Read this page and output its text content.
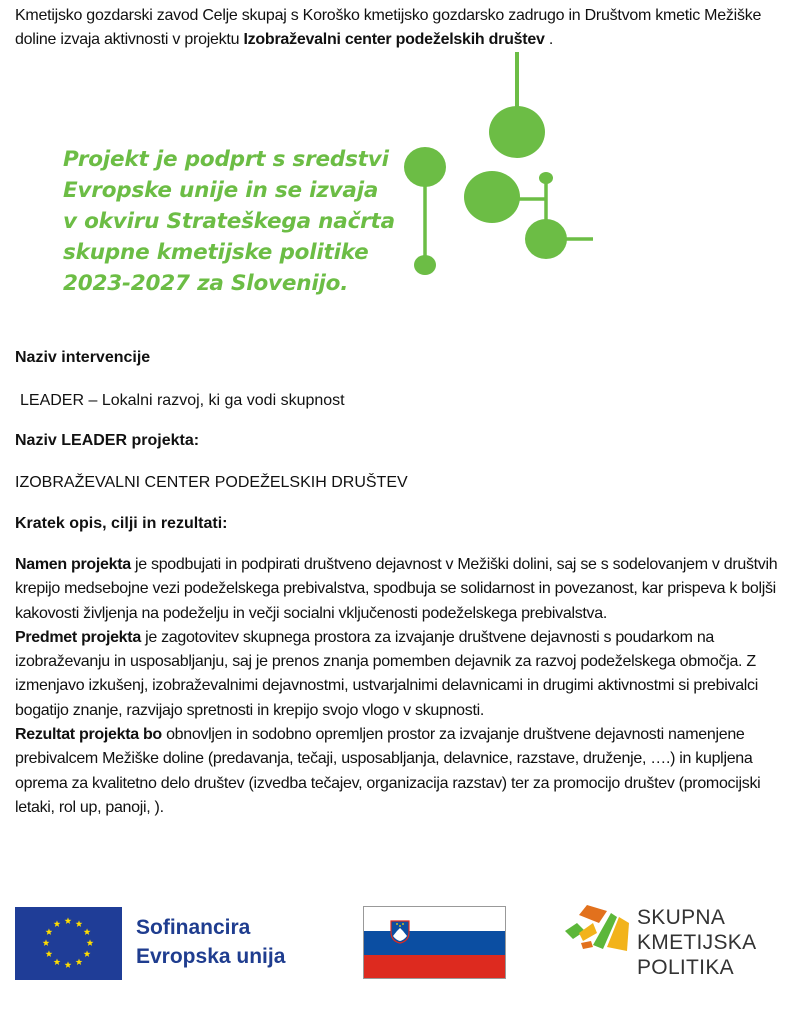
Kmetijsko gozdarski zavod Celje skupaj s Koroško kmetijsko gozdarsko zadrugo in Društvom kmetic Mežiške doline izvaja aktivnosti v projektu Izobraževalni center podeželskih društev .
Projekt je podprt s sredstvi
Evropske unije in se izvaja
v okviru Strateškega načrta
skupne kmetijske politike
2023-2027 za Slovenijo.
Naziv intervencije
LEADER – Lokalni razvoj, ki ga vodi skupnost
Naziv LEADER projekta:
IZOBRAŽEVALNI CENTER PODEŽELSKIH DRUŠTEV
Kratek opis, cilji in rezultati:

Namen projekta je spodbujati in podpirati društveno dejavnost v Mežiški dolini, saj se s sodelovanjem v društvih krepijo medsebojne vezi podeželskega prebivalstva, spodbuja se solidarnost in povezanost, kar prispeva k boljši kakovosti življenja na podeželju in večji socialni vključenosti podeželskega prebivalstva.

Predmet projekta je zagotovitev skupnega prostora za izvajanje društvene dejavnosti s poudarkom na izobraževanju in usposabljanju, saj je prenos znanja pomemben dejavnik za razvoj podeželskega območja. Z izmenjavo izkušenj, izobraževalnimi dejavnostmi, ustvarjalnimi delavnicami in drugimi aktivnostmi si prebivalci bogatijo znanje, razvijajo spretnosti in krepijo svojo vlogo v skupnosti.

Rezultat projekta bo obnovljen in sodobno opremljen prostor za izvajanje društvene dejavnosti namenjene prebivalcem Mežiške doline (predavanja, tečaji, usposabljanja, delavnice, razstave, druženje, ….) in kupljena oprema za kvalitetno delo društev (izvedba tečajev, organizacija razstav) ter za promocijo društev (promocijski letaki, rol up, panoji, ).

Sofinancira
Evropska unija
SKUPNA
KMETIJSKA
POLITIKA
